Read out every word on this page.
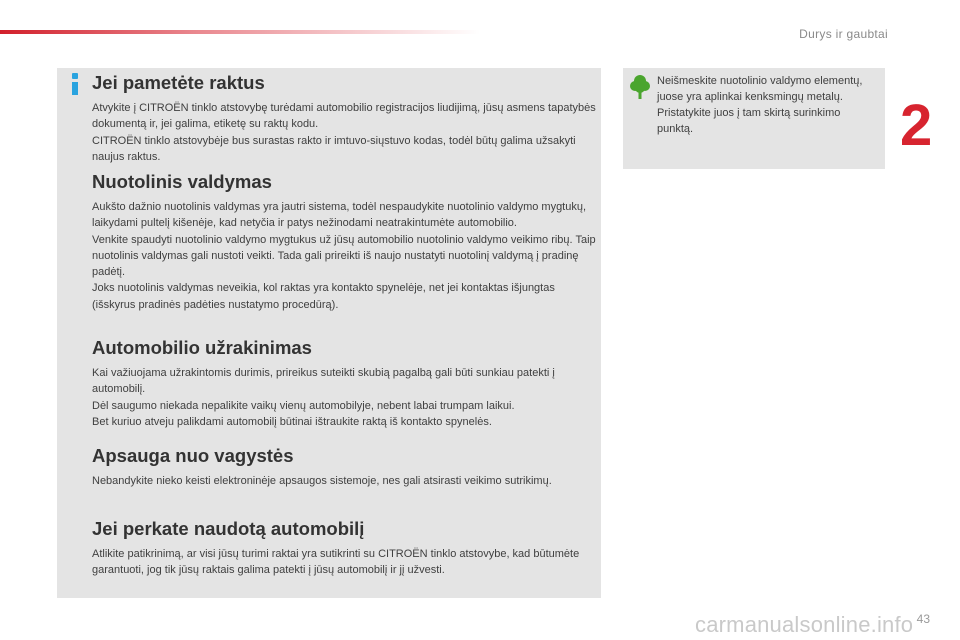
Durys ir gaubtai
2
Jei pametėte raktus

Atvykite į CITROËN tinklo atstovybę turėdami automobilio registracijos liudijimą, jūsų asmens tapatybės dokumentą ir, jei galima, etiketę su raktų kodu.

CITROËN tinklo atstovybėje bus surastas rakto ir imtuvo-siųstuvo kodas, todėl būtų galima užsakyti naujus raktus.

Nuotolinis valdymas

Aukšto dažnio nuotolinis valdymas yra jautri sistema, todėl nespaudykite nuotolinio valdymo mygtukų, laikydami pultelį kišenėje, kad netyčia ir patys nežinodami neatrakintumėte automobilio.

Venkite spaudyti nuotolinio valdymo mygtukus už jūsų automobilio nuotolinio valdymo veikimo ribų. Taip nuotolinis valdymas gali nustoti veikti. Tada gali prireikti iš naujo nustatyti nuotolinį valdymą į pradinę padėtį.

Joks nuotolinis valdymas neveikia, kol raktas yra kontakto spynelėje, net jei kontaktas išjungtas (išskyrus pradinės padėties nustatymo procedūrą).

Automobilio užrakinimas

Kai važiuojama užrakintomis durimis, prireikus suteikti skubią pagalbą gali būti sunkiau patekti į automobilį.

Dėl saugumo niekada nepalikite vaikų vienų automobilyje, nebent labai trumpam laikui.

Bet kuriuo atveju palikdami automobilį būtinai ištraukite raktą iš kontakto spynelės.

Apsauga nuo vagystės

Nebandykite nieko keisti elektroninėje apsaugos sistemoje, nes gali atsirasti veikimo sutrikimų.

Jei perkate naudotą automobilį

Atlikite patikrinimą, ar visi jūsų turimi raktai yra sutikrinti su CITROËN tinklo atstovybe, kad būtumėte garantuoti, jog tik jūsų raktais galima patekti į jūsų automobilį ir jį užvesti.

Neišmeskite nuotolinio valdymo elementų, juose yra aplinkai kenksmingų metalų.

Pristatykite juos į tam skirtą surinkimo punktą.

carmanualsonline.info 43
